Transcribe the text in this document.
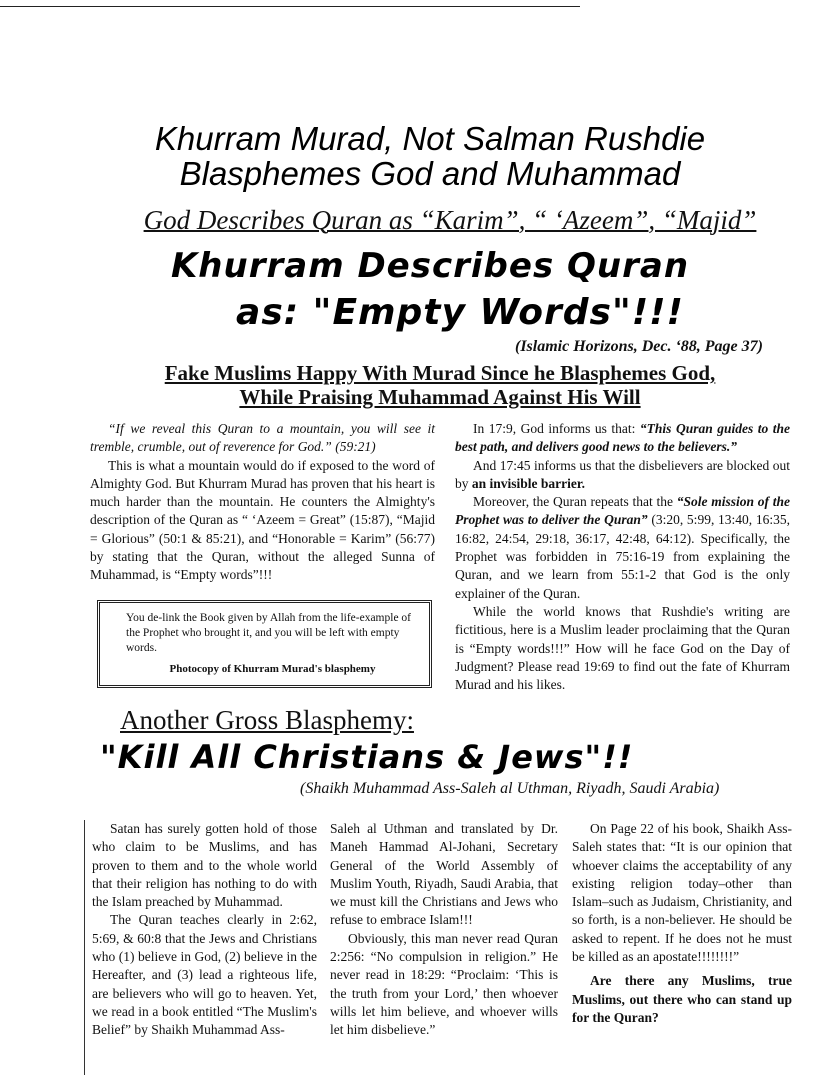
Khurram Murad, Not Salman Rushdie
Blasphemes God and Muhammad
God Describes Quran as “Karim”, “ ‘Azeem”, “Majid”
Khurram Describes Quran
as: "Empty Words"!!!
(Islamic Horizons, Dec. ‘88, Page 37)
Fake Muslims Happy With Murad Since he Blasphemes God,
While Praising Muhammad Against His Will

“If we reveal this Quran to a mountain, you will see it tremble, crumble, out of reverence for God.” (59:21)

This is what a mountain would do if exposed to the word of Almighty God. But Khurram Murad has proven that his heart is much harder than the mountain. He counters the Almighty's description of the Quran as “ ‘Azeem = Great” (15:87), “Majid = Glorious” (50:1 & 85:21), and “Honorable = Karim” (56:77) by stating that the Quran, without the alleged Sunna of Muhammad, is “Empty words”!!!

You de-link the Book given by Allah from the life-example of the Prophet who brought it, and you will be left with empty words.
Photocopy of Khurram Murad's blasphemy

In 17:9, God informs us that: “This Quran guides to the best path, and delivers good news to the believers.”

And 17:45 informs us that the disbelievers are blocked out by an invisible barrier.

Moreover, the Quran repeats that the “Sole mission of the Prophet was to deliver the Quran” (3:20, 5:99, 13:40, 16:35, 16:82, 24:54, 29:18, 36:17, 42:48, 64:12). Specifically, the Prophet was forbidden in 75:16-19 from explaining the Quran, and we learn from 55:1-2 that God is the only explainer of the Quran.

While the world knows that Rushdie's writing are fictitious, here is a Muslim leader proclaiming that the Quran is “Empty words!!!” How will he face God on the Day of Judgment? Please read 19:69 to find out the fate of Khurram Murad and his likes.

Another Gross Blasphemy:
"Kill All Christians & Jews"!!
(Shaikh Muhammad Ass-Saleh al Uthman, Riyadh, Saudi Arabia)

Satan has surely gotten hold of those who claim to be Muslims, and has proven to them and to the whole world that their religion has nothing to do with the Islam preached by Muhammad.

The Quran teaches clearly in 2:62, 5:69, & 60:8 that the Jews and Christians who (1) believe in God, (2) believe in the Hereafter, and (3) lead a righteous life, are believers who will go to heaven. Yet, we read in a book entitled “The Muslim's Belief” by Shaikh Muhammad Ass-

Saleh al Uthman and translated by Dr. Maneh Hammad Al-Johani, Secretary General of the World Assembly of Muslim Youth, Riyadh, Saudi Arabia, that we must kill the Christians and Jews who refuse to embrace Islam!!!

Obviously, this man never read Quran 2:256: “No compulsion in religion.” He never read in 18:29: “Proclaim: ‘This is the truth from your Lord,’ then whoever wills let him believe, and whoever wills let him disbelieve.”

On Page 22 of his book, Shaikh Ass-Saleh states that: “It is our opinion that whoever claims the acceptability of any existing religion today–other than Islam–such as Judaism, Christianity, and so forth, is a non-believer. He should be asked to repent. If he does not he must be killed as an apostate!!!!!!!!”

Are there any Muslims, true Muslims, out there who can stand up for the Quran?
